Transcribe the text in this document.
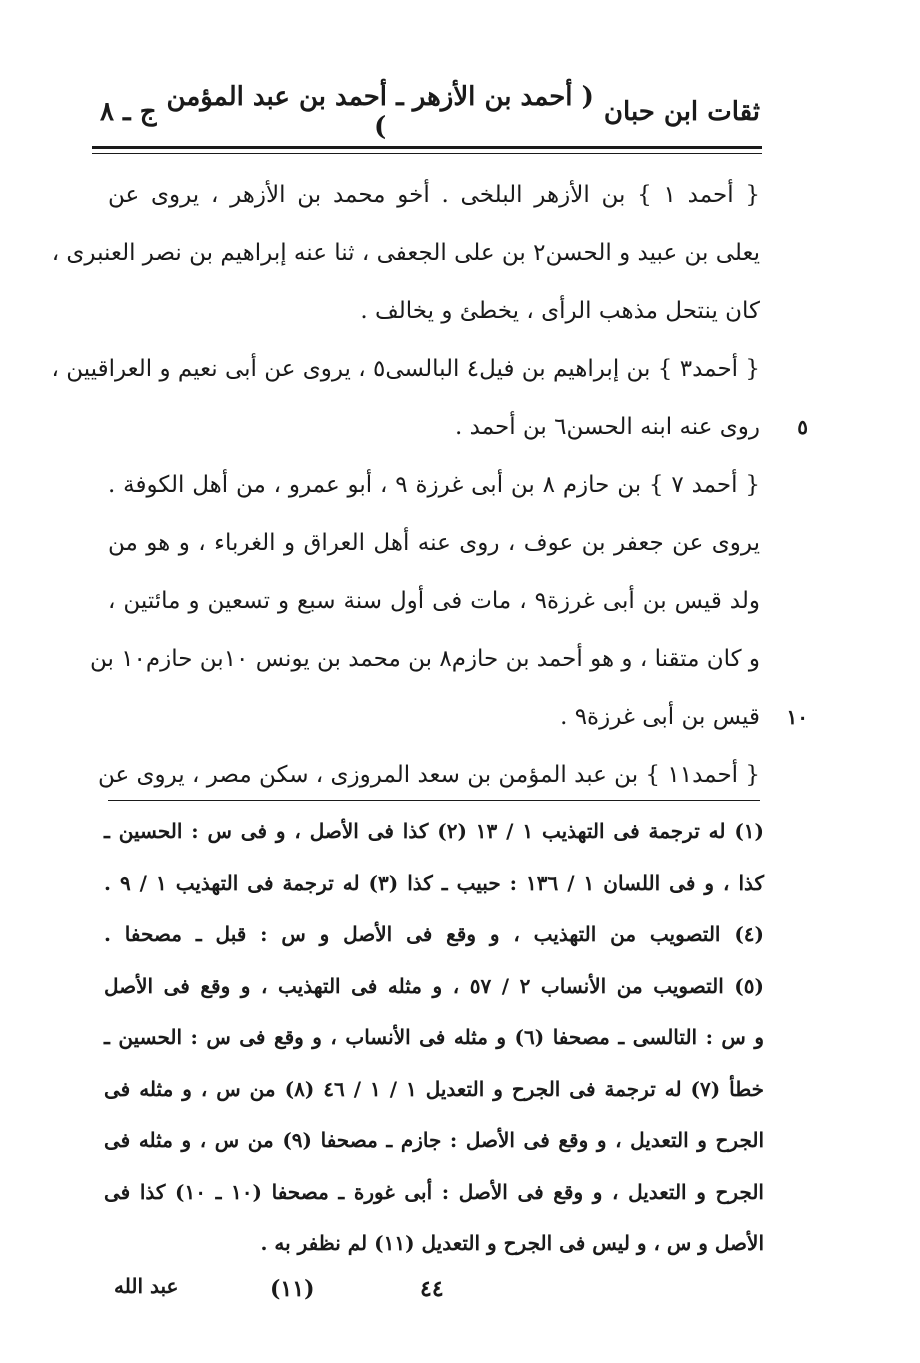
ثقات ابن حبان
( أحمد بن الأزهر ـ أحمد بن عبد المؤمن )
ج ـ ٨
{ أحمد ١ } بن الأزهر البلخى . أخو محمد بن الأزهر ، يروى عن
يعلى بن عبيد و الحسن٢ بن على الجعفى ، ثنا عنه إبراهيم بن نصر العنبرى ،
كان ينتحل مذهب الرأى ، يخطئ و يخالف .
{ أحمد٣ } بن إبراهيم بن فيل٤ البالسى٥ ، يروى عن أبى نعيم و العراقيين ،
روى عنه ابنه الحسن٦ بن أحمد . ٥
{ أحمد ٧ } بن حازم ٨ بن أبى غرزة ٩ ، أبو عمرو ، من أهل الكوفة .
يروى عن جعفر بن عوف ، روى عنه أهل العراق و الغرباء ، و هو من
ولد قيس بن أبى غرزة٩ ، مات فى أول سنة سبع و تسعين و مائتين ،
و كان متقنا ، و هو أحمد بن حازم٨ بن محمد بن يونس ١٠بن حازم١٠ بن
قيس بن أبى غرزة٩ . ١٠
{ أحمد١١ } بن عبد المؤمن بن سعد المروزى ، سكن مصر ، يروى عن
(١) له ترجمة فى التهذيب ١ / ١٣ (٢) كذا فى الأصل ، و فى س : الحسين ـ
كذا ، و فى اللسان ١ / ١٣٦ : حبيب ـ كذا (٣) له ترجمة فى التهذيب ١ / ٩ .
(٤) التصويب من التهذيب ، و وقع فى الأصل و س : قبل ـ مصحفا .
(٥) التصويب من الأنساب ٢ / ٥٧ ، و مثله فى التهذيب ، و وقع فى الأصل
و س : التالسى ـ مصحفا (٦) و مثله فى الأنساب ، و وقع فى س : الحسين ـ
خطأ (٧) له ترجمة فى الجرح و التعديل ١ / ١ / ٤٦ (٨) من س ، و مثله فى
الجرح و التعديل ، و وقع فى الأصل : جازم ـ مصحفا (٩) من س ، و مثله فى
الجرح و التعديل ، و وقع فى الأصل : أبى غورة ـ مصحفا (١٠ ـ ١٠) كذا فى
الأصل و س ، و ليس فى الجرح و التعديل (١١) لم نظفر به .
٤٤
(١١)
عبد الله
